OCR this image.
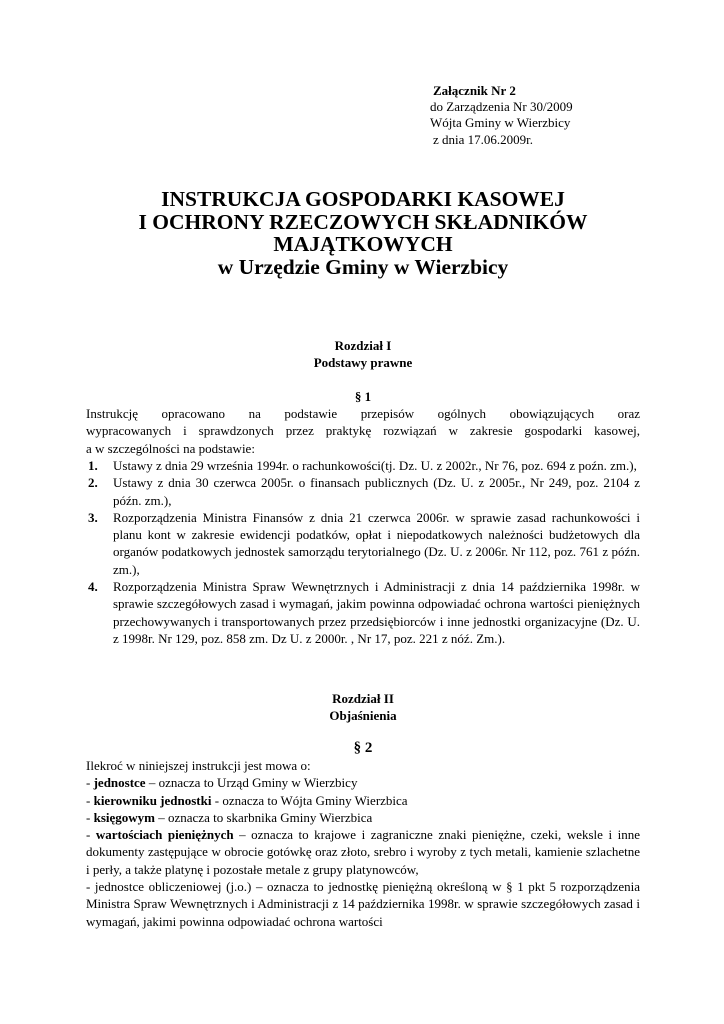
Załącznik Nr 2
do Zarządzenia Nr 30/2009
Wójta Gminy w Wierzbicy
z dnia 17.06.2009r.
INSTRUKCJA GOSPODARKI KASOWEJ
I OCHRONY RZECZOWYCH SKŁADNIKÓW
MAJĄTKOWYCH
w Urzędzie Gminy w Wierzbicy
Rozdział I
Podstawy prawne
§ 1
Instrukcję opracowano na podstawie przepisów ogólnych obowiązujących oraz
wypracowanych i sprawdzonych przez praktykę rozwiązań w zakresie gospodarki kasowej,
a w szczególności na podstawie:
1. Ustawy z dnia 29 września 1994r. o rachunkowości(tj. Dz. U. z 2002r., Nr 76, poz. 694 z poźn. zm.),
2. Ustawy z dnia 30 czerwca 2005r. o finansach publicznych (Dz. U. z 2005r., Nr 249, poz. 2104 z późn. zm.),
3. Rozporządzenia Ministra Finansów z dnia 21 czerwca 2006r. w sprawie zasad rachunkowości i planu kont w zakresie ewidencji podatków, opłat i niepodatkowych należności budżetowych dla organów podatkowych jednostek samorządu terytorialnego (Dz. U. z 2006r. Nr 112, poz. 761 z późn. zm.),
4. Rozporządzenia Ministra Spraw Wewnętrznych i Administracji z dnia 14 października 1998r. w sprawie szczegółowych zasad i wymagań, jakim powinna odpowiadać ochrona wartości pieniężnych przechowywanych i transportowanych przez przedsiębiorców i inne jednostki organizacyjne (Dz. U. z 1998r. Nr 129, poz. 858 zm. Dz U. z 2000r. , Nr 17, poz. 221 z nóź. Zm.).
Rozdział II
Objaśnienia
§ 2
Ilekroć w niniejszej instrukcji jest mowa o:
- jednostce – oznacza to Urząd Gminy w Wierzbicy
- kierowniku jednostki - oznacza to Wójta Gminy Wierzbica
- księgowym – oznacza to skarbnika Gminy Wierzbica
- wartościach pieniężnych – oznacza to krajowe i zagraniczne znaki pieniężne, czeki, weksle i inne dokumenty zastępujące w obrocie gotówkę oraz złoto, srebro i wyroby z tych metali, kamienie szlachetne i perły, a także platynę i pozostałe metale z grupy platynowców,
- jednostce obliczeniowej (j.o.) – oznacza to jednostkę pieniężną określoną w § 1 pkt 5 rozporządzenia Ministra Spraw Wewnętrznych i Administracji z 14 października 1998r. w sprawie szczegółowych zasad i wymagań, jakimi powinna odpowiadać ochrona wartości
